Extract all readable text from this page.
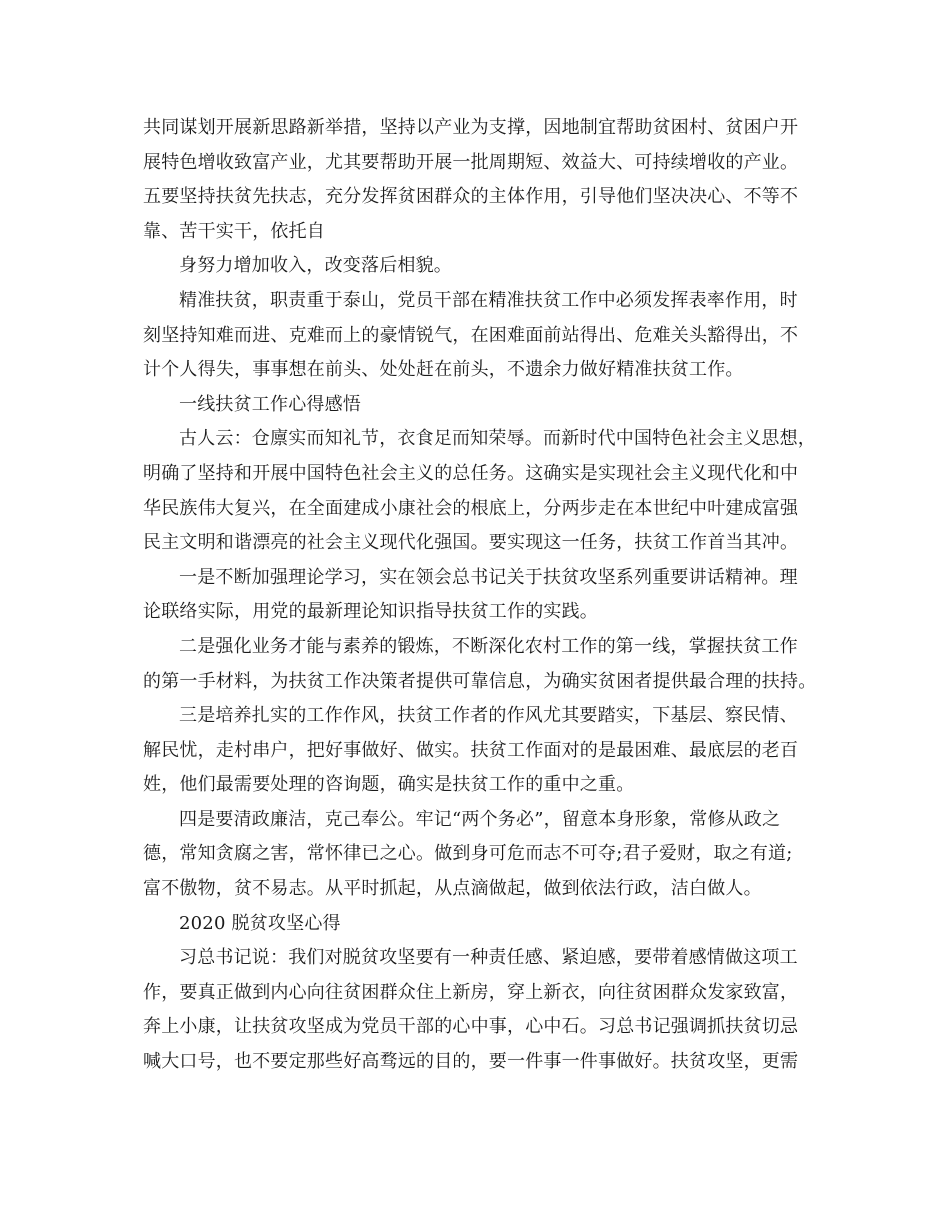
共同谋划开展新思路新举措，坚持以产业为支撑，因地制宜帮助贫困村、贫困户开
展特色增收致富产业，尤其要帮助开展一批周期短、效益大、可持续增收的产业。
五要坚持扶贫先扶志，充分发挥贫困群众的主体作用，引导他们坚决决心、不等不
靠、苦干实干，依托自
身努力增加收入，改变落后相貌。
精准扶贫，职责重于泰山，党员干部在精准扶贫工作中必须发挥表率作用，时
刻坚持知难而进、克难而上的豪情锐气，在困难面前站得出、危难关头豁得出，不
计个人得失，事事想在前头、处处赶在前头，不遗余力做好精准扶贫工作。
一线扶贫工作心得感悟
古人云：仓廪实而知礼节，衣食足而知荣辱。而新时代中国特色社会主义思想，
明确了坚持和开展中国特色社会主义的总任务。这确实是实现社会主义现代化和中
华民族伟大复兴，在全面建成小康社会的根底上，分两步走在本世纪中叶建成富强
民主文明和谐漂亮的社会主义现代化强国。要实现这一任务，扶贫工作首当其冲。
一是不断加强理论学习，实在领会总书记关于扶贫攻坚系列重要讲话精神。理
论联络实际，用党的最新理论知识指导扶贫工作的实践。
二是强化业务才能与素养的锻炼，不断深化农村工作的第一线，掌握扶贫工作
的第一手材料，为扶贫工作决策者提供可靠信息，为确实贫困者提供最合理的扶持。
三是培养扎实的工作作风，扶贫工作者的作风尤其要踏实，下基层、察民情、
解民忧，走村串户，把好事做好、做实。扶贫工作面对的是最困难、最底层的老百
姓，他们最需要处理的咨询题，确实是扶贫工作的重中之重。
四是要清政廉洁，克己奉公。牢记“两个务必”，留意本身形象，常修从政之
德，常知贪腐之害，常怀律已之心。做到身可危而志不可夺;君子爱财，取之有道;
富不傲物，贫不易志。从平时抓起，从点滴做起，做到依法行政，洁白做人。
2020 脱贫攻坚心得
习总书记说：我们对脱贫攻坚要有一种责任感、紧迫感，要带着感情做这项工
作，要真正做到内心向往贫困群众住上新房，穿上新衣，向往贫困群众发家致富，
奔上小康，让扶贫攻坚成为党员干部的心中事，心中石。习总书记强调抓扶贫切忌
喊大口号，也不要定那些好高骛远的目的，要一件事一件事做好。扶贫攻坚，更需
